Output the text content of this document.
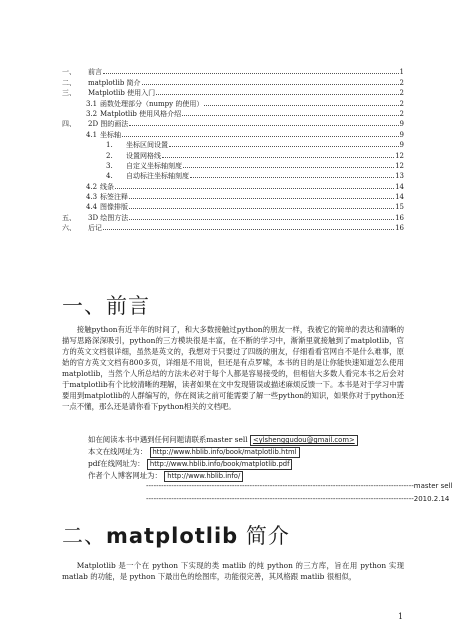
一、	前言	1
二、	matplotlib 简介	2
三、	Matplotlib 使用入门	2
3.1 函数处理部分（numpy 的使用）	2
3.2 Matplotlib 使用风格介绍	2
四、	2D 图的画法	9
4.1 坐标轴	9
1.	坐标区间设置	9
2.	设置网格线	12
3.	自定义坐标轴刻度	12
4.	自动标注坐标轴刻度	13
4.2 线条	14
4.3 标签注释	14
4.4 图像排版	15
五、	3D 绘图方法	16
六、	后记	16
一、前言

接触python有近半年的时间了，和大多数接触过python的朋友一样，我被它的简单的表达和清晰的描写思路深深吸引，python的三方模块很是丰富，在不断的学习中，渐渐里就接触到了matplotlib，官方的英文文档很详细，虽然是英文的，我想对于只要过了四级的朋友，仔细看看官网自不是什么难事，原始的官方英文文档有800多页，详细是不用说，但还是有点罗嗦，本书的目的是让你能快速知道怎么使用matplotlib，当然个人所总结的方法未必对于每个人都是容易接受的，但相信大多数人看完本书之后会对于matplotlib有个比较清晰的理解，读者如果在文中发现错误或描述麻烦反馈一下。本书是对于学习中需要用到matplotlib的人群编写的，你在阅读之前可能需要了解一些python的知识，如果你对于python还一点不懂，那么还是请你看下python相关的文档吧。

如在阅读本书中遇到任何问题请联系master sell <ylshenggudou@gmail.com>
本文在线网址为： http://www.hblib.info/book/matplotlib.html
pdf在线网址为： http://www.hblib.info/book/matplotlib.pdf
作者个人博客网址为： http://www.hblib.info/
----------------------------------------------------------------------------------------------------------master sell
----------------------------------------------------------------------------------------------------------2010.2.14
二、matplotlib 简介

Matplotlib 是一个在 python 下实现的类 matlib 的纯 python 的三方库，旨在用 python 实现 matlab 的功能，是 python 下最出色的绘图库，功能很完善，其风格跟 matlib 很相似，

1
